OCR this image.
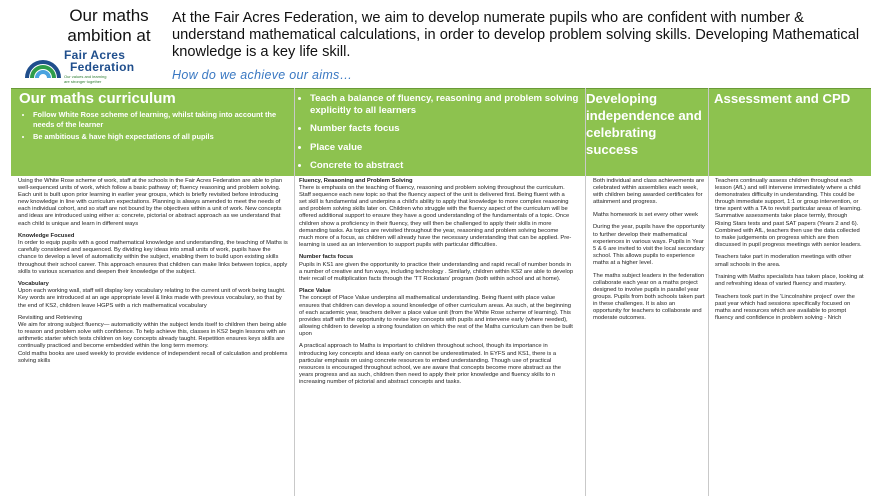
Our maths
ambition at
Fair Acres
Federation
Our values and learning
are stronger together
At the Fair Acres Federation, we aim to develop numerate pupils who are confident with number & understand mathematical calculations, in order to develop problem solving skills. Developing Mathematical knowledge is a key life skill.
How do we achieve our aims…
Our maths curriculum
• Follow White Rose scheme of learning, whilst taking into account the needs of the learner
• Be ambitious & have high expectations of all pupils
• Teach a balance of fluency, reasoning and problem solving explicitly to all learners
• Number facts focus
• Place value
• Concrete to abstract
Developing independence and celebrating success
Assessment and CPD

Using the White Rose scheme of work, staff at the schools in the Fair Acres Federation are able to plan well-sequenced units of work, which follow a basic pathway of; fluency reasoning and problem solving. Each unit is built upon prior learning in earlier year groups, which is briefly revisited before introducing new knowledge in line with curriculum expectations. Planning is always amended to meet the needs of each individual cohort, and so staff are not bound by the objectives within a unit of work. New concepts and ideas are introduced using either a: concrete, pictorial or abstract approach as we understand that each child is unique and learn in different ways

Knowledge Focused

In order to equip pupils with a good mathematical knowledge and understanding, the teaching of Maths is carefully considered and sequenced. By dividing key ideas into small units of work, pupils have the chance to develop a level of automaticity within the subject, enabling them to build upon existing skills throughout their school career. This approach ensures that children can make links between topics, apply skills to various scenarios and deepen their knowledge of the subject.

Vocabulary

Upon each working wall, staff will display key vocabulary relating to the current unit of work being taught. Key words are introduced at an age appropriate level & links made with previous vocabulary, so that by the end of KS2, children leave HGPS with a rich mathematical vocabulary

Revisiting and Retrieving
We aim for strong subject fluency— automaticity within the subject lends itself to children then being able to reason and problem solve with confidence. To help achieve this, classes in KS2 begin lessons with an arithmetic starter which tests children on key concepts already taught. Repetition ensures keys skills are continually practiced and become embedded within the long term memory.
Cold maths books are used weekly to provide evidence of independent recall of calculation and problems solving skills

Fluency, Reasoning and Problem Solving

There is emphasis on the teaching of fluency, reasoning and problem solving throughout the curriculum. Staff sequence each new topic so that the fluency aspect of the unit is delivered first. Being fluent with a set skill is fundamental and underpins a child's ability to apply that knowledge to more complex reasoning and problem solving skills later on. Children who struggle with the fluency aspect of the curriculum will be offered additional support to ensure they have a good understanding of the fundamentals of a topic. Once children show a proficiency in their fluency, they will then be challenged to apply their skills in more demanding tasks. As topics are revisited throughout the year, reasoning and problem solving become much more of a focus, as children will already have the necessary understanding that can be applied. Pre-learning is used as an intervention to support pupils with particular difficulties.

Number facts focus

Pupils in KS1 are given the opportunity to practice their understanding and rapid recall of number bonds in a number of creative and fun ways, including technology . Similarly, children within KS2 are able to develop their recall of multiplication facts through the 'TT Rockstars' program (both within school and at home).

Place Value

The concept of Place Value underpins all mathematical understanding. Being fluent with place value ensures that children can develop a sound knowledge of other curriculum areas. As such, at the beginning of each academic year, teachers deliver a place value unit (from the White Rose scheme of learning). This provides staff with the opportunity to revise key concepts with pupils and intervene early (where needed), allowing children to develop a strong foundation on which the rest of the Maths curriculum can then be built upon

A practical approach to Maths is important to children throughout school, though its importance in introducing key concepts and ideas early on cannot be underestimated. In EYFS and KS1, there is a particular emphasis on using concrete resources to embed understanding. Though use of practical resources is encouraged throughout school, we are aware that concepts become more abstract as the years progress and as such, children then need to apply their prior knowledge and fluency skills to n increasing number of pictorial and abstract concepts and tasks.

Both individual and class achievements are celebrated within assemblies each week, with children being awarded certificates for attainment and progress.

Maths homework is set every other week

During the year, pupils have the opportunity to further develop their mathematical experiences in various ways. Pupils in Year 5 & 6 are invited to visit the local secondary school. This allows pupils to experience maths at a higher level.

The maths subject leaders in the federation collaborate each year on a maths project designed to involve pupils in parallel year groups. Pupils from both schools taken part in these challenges. It is also an opportunity for teachers to collaborate and moderate outcomes.

Teachers continually assess children throughout each lesson (AfL) and will intervene immediately where a child demonstrates difficulty in understanding. This could be through immediate support, 1:1 or group intervention, or time spent with a TA to revisit particular areas of learning.
Summative assessments take place termly, through Rising Stars tests and past SAT papers (Years 2 and 6). Combined with AfL, teachers then use the data collected to make judgements on progress which are then discussed in pupil progress meetings with senior leaders.

Teachers take part in moderation meetings with other small schools in the area.

Training with Maths specialists has taken place, looking at and refreshing ideas of varied fluency and mastery.

Teachers took part in the 'Lincolnshire project' over the past year which had sessions specifically focused on maths and resources which are available to prompt fluency and confidence in problem solving - Nrich
